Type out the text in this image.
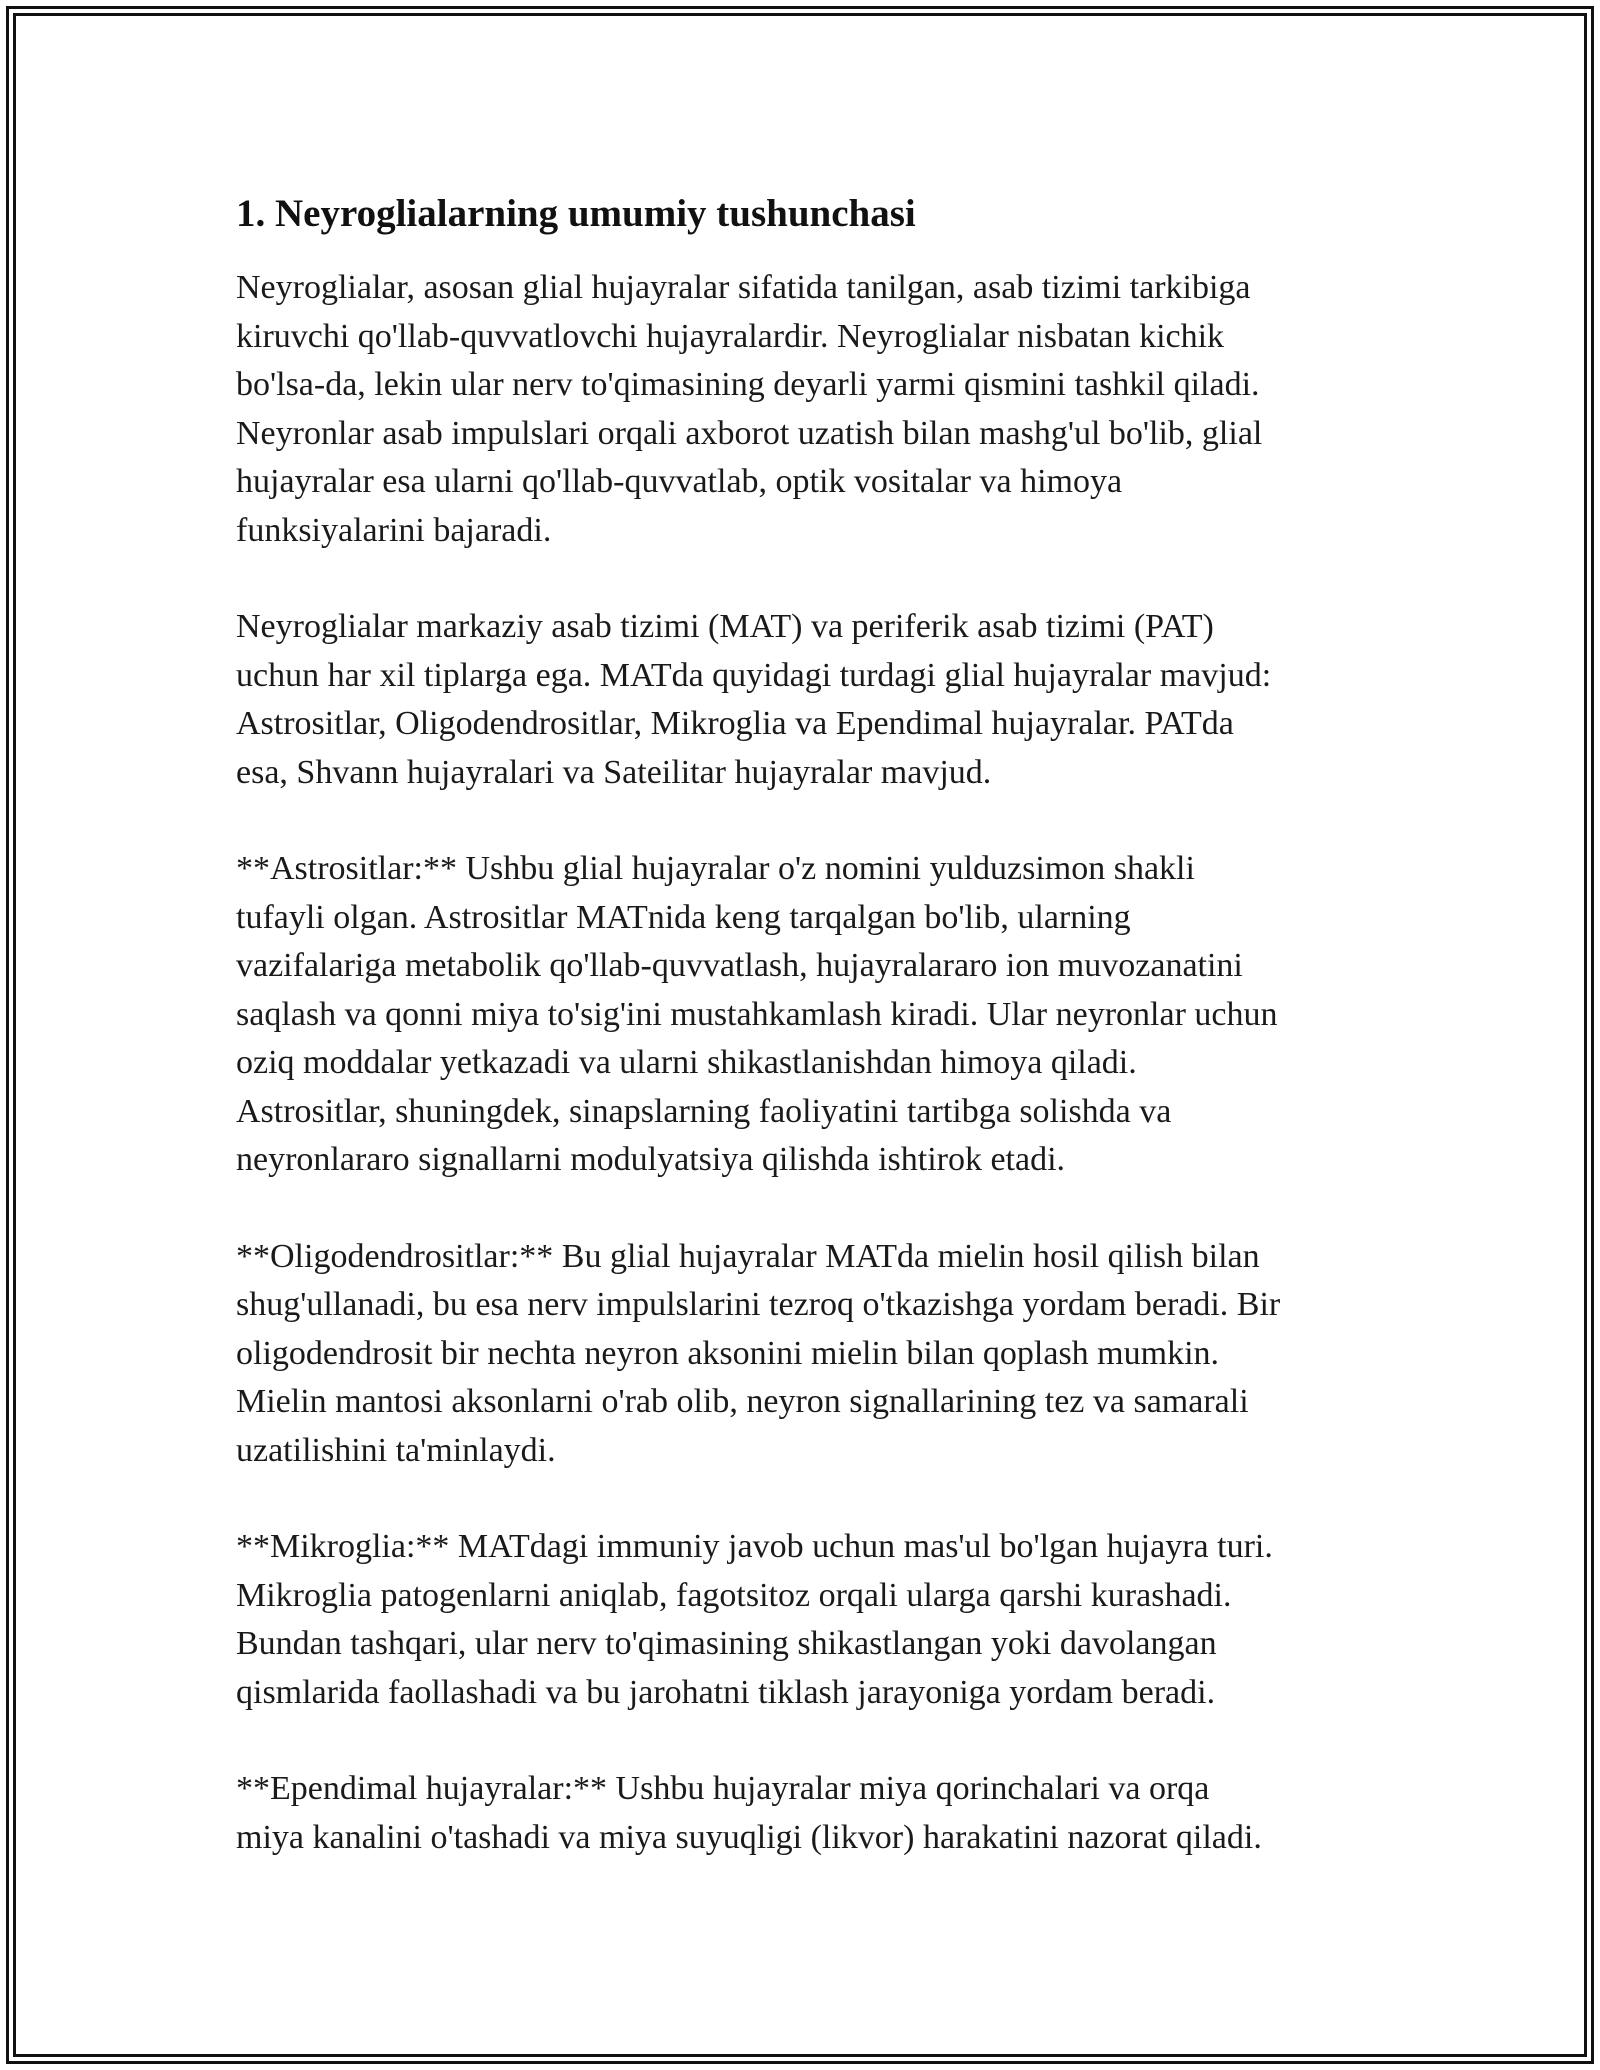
1. Neyroglialarning umumiy tushunchasi

Neyroglialar, asosan glial hujayralar sifatida tanilgan, asab tizimi tarkibiga
kiruvchi qo'llab-quvvatlovchi hujayralardir. Neyroglialar nisbatan kichik
bo'lsa-da, lekin ular nerv to'qimasining deyarli yarmi qismini tashkil qiladi.
Neyronlar asab impulslari orqali axborot uzatish bilan mashg'ul bo'lib, glial
hujayralar esa ularni qo'llab-quvvatlab, optik vositalar va himoya
funksiyalarini bajaradi.

Neyroglialar markaziy asab tizimi (MAT) va periferik asab tizimi (PAT)
uchun har xil tiplarga ega. MATda quyidagi turdagi glial hujayralar mavjud:
Astrositlar, Oligodendrositlar, Mikroglia va Ependimal hujayralar. PATda
esa, Shvann hujayralari va Sateilitar hujayralar mavjud.

**Astrositlar:** Ushbu glial hujayralar o'z nomini yulduzsimon shakli
tufayli olgan. Astrositlar MATnida keng tarqalgan bo'lib, ularning
vazifalariga metabolik qo'llab-quvvatlash, hujayralararo ion muvozanatini
saqlash va qonni miya to'sig'ini mustahkamlash kiradi. Ular neyronlar uchun
oziq moddalar yetkazadi va ularni shikastlanishdan himoya qiladi.
Astrositlar, shuningdek, sinapslarning faoliyatini tartibga solishda va
neyronlararo signallarni modulyatsiya qilishda ishtirok etadi.

**Oligodendrositlar:** Bu glial hujayralar MATda mielin hosil qilish bilan
shug'ullanadi, bu esa nerv impulslarini tezroq o'tkazishga yordam beradi. Bir
oligodendrosit bir nechta neyron aksonini mielin bilan qoplash mumkin.
Mielin mantosi aksonlarni o'rab olib, neyron signallarining tez va samarali
uzatilishini ta'minlaydi.

**Mikroglia:** MATdagi immuniy javob uchun mas'ul bo'lgan hujayra turi.
Mikroglia patogenlarni aniqlab, fagotsitoz orqali ularga qarshi kurashadi.
Bundan tashqari, ular nerv to'qimasining shikastlangan yoki davolangan
qismlarida faollashadi va bu jarohatni tiklash jarayoniga yordam beradi.

**Ependimal hujayralar:** Ushbu hujayralar miya qorinchalari va orqa
miya kanalini o'tashadi va miya suyuqligi (likvor) harakatini nazorat qiladi.
